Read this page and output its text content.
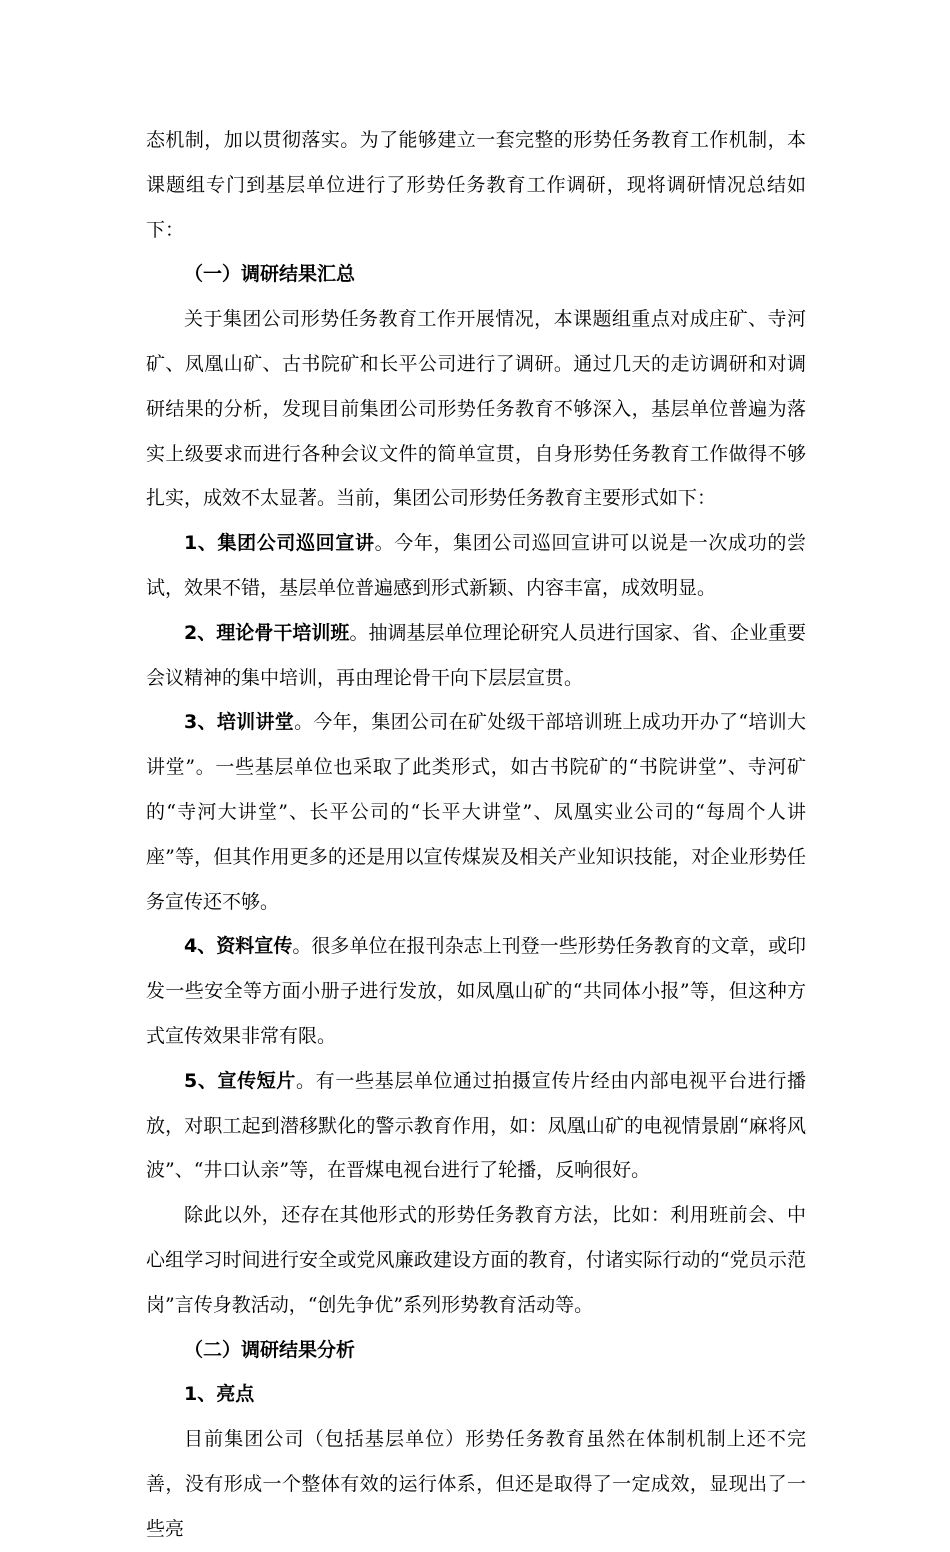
态机制，加以贯彻落实。为了能够建立一套完整的形势任务教育工作机制，本课题组专门到基层单位进行了形势任务教育工作调研，现将调研情况总结如下：

（一）调研结果汇总

关于集团公司形势任务教育工作开展情况，本课题组重点对成庄矿、寺河矿、凤凰山矿、古书院矿和长平公司进行了调研。通过几天的走访调研和对调研结果的分析，发现目前集团公司形势任务教育不够深入，基层单位普遍为落实上级要求而进行各种会议文件的简单宣贯，自身形势任务教育工作做得不够扎实，成效不太显著。当前，集团公司形势任务教育主要形式如下：

1、集团公司巡回宣讲。今年，集团公司巡回宣讲可以说是一次成功的尝试，效果不错，基层单位普遍感到形式新颖、内容丰富，成效明显。

2、理论骨干培训班。抽调基层单位理论研究人员进行国家、省、企业重要会议精神的集中培训，再由理论骨干向下层层宣贯。

3、培训讲堂。今年，集团公司在矿处级干部培训班上成功开办了“培训大讲堂”。一些基层单位也采取了此类形式，如古书院矿的“书院讲堂”、寺河矿的“寺河大讲堂”、长平公司的“长平大讲堂”、凤凰实业公司的“每周个人讲座”等，但其作用更多的还是用以宣传煤炭及相关产业知识技能，对企业形势任务宣传还不够。

4、资料宣传。很多单位在报刊杂志上刊登一些形势任务教育的文章，或印发一些安全等方面小册子进行发放，如凤凰山矿的“共同体小报”等，但这种方式宣传效果非常有限。

5、宣传短片。有一些基层单位通过拍摄宣传片经由内部电视平台进行播放，对职工起到潜移默化的警示教育作用，如：凤凰山矿的电视情景剧“麻将风波”、“井口认亲”等，在晋煤电视台进行了轮播，反响很好。

除此以外，还存在其他形式的形势任务教育方法，比如：利用班前会、中心组学习时间进行安全或党风廉政建设方面的教育，付诸实际行动的“党员示范岗”言传身教活动，“创先争优”系列形势教育活动等。

（二）调研结果分析

1、亮点

目前集团公司（包括基层单位）形势任务教育虽然在体制机制上还不完善，没有形成一个整体有效的运行体系，但还是取得了一定成效，显现出了一些亮
